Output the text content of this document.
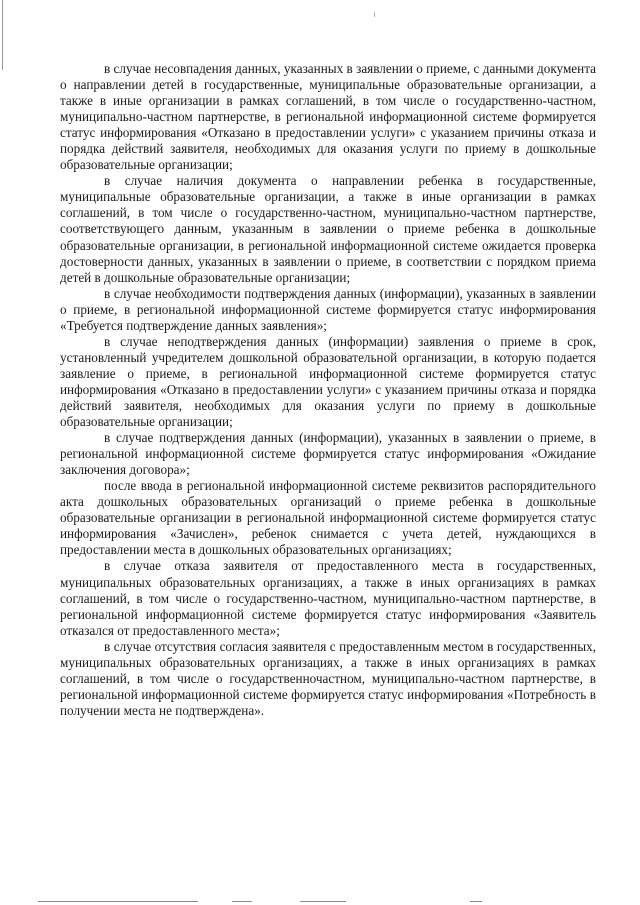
в случае несовпадения данных, указанных в заявлении о приеме, с данными документа о направлении детей в государственные, муниципальные образовательные организации, а также в иные организации в рамках соглашений, в том числе о государственно-частном, муниципально-частном партнерстве, в региональной информационной системе формируется статус информирования «Отказано в предоставлении услуги» с указанием причины отказа и порядка действий заявителя, необходимых для оказания услуги по приему в дошкольные образовательные организации;

в случае наличия документа о направлении ребенка в государственные, муниципальные образовательные организации, а также в иные организации в рамках соглашений, в том числе о государственно-частном, муниципально-частном партнерстве, соответствующего данным, указанным в заявлении о приеме ребенка в дошкольные образовательные организации, в региональной информационной системе ожидается проверка достоверности данных, указанных в заявлении о приеме, в соответствии с порядком приема детей в дошкольные образовательные организации;

в случае необходимости подтверждения данных (информации), указанных в заявлении о приеме, в региональной информационной системе формируется статус информирования «Требуется подтверждение данных заявления»;

в случае неподтверждения данных (информации) заявления о приеме в срок, установленный учредителем дошкольной образовательной организации, в которую подается заявление о приеме, в региональной информационной системе формируется статус информирования «Отказано в предоставлении услуги» с указанием причины отказа и порядка действий заявителя, необходимых для оказания услуги по приему в дошкольные образовательные организации;

в случае подтверждения данных (информации), указанных в заявлении о приеме, в региональной информационной системе формируется статус информирования «Ожидание заключения договора»;

после ввода в региональной информационной системе реквизитов распорядительного акта дошкольных образовательных организаций о приеме ребенка в дошкольные образовательные организации в региональной информационной системе формируется статус информирования «Зачислен», ребенок снимается с учета детей, нуждающихся в предоставлении места в дошкольных образовательных организациях;

в случае отказа заявителя от предоставленного места в государственных, муниципальных образовательных организациях, а также в иных организациях в рамках соглашений, в том числе о государственно-частном, муниципально-частном партнерстве, в региональной информационной системе формируется статус информирования «Заявитель отказался от предоставленного места»;

в случае отсутствия согласия заявителя с предоставленным местом в государственных, муниципальных образовательных организациях, а также в иных организациях в рамках соглашений, в том числе о государственночастном, муниципально-частном партнерстве, в региональной информационной системе формируется статус информирования «Потребность в получении места не подтверждена».
